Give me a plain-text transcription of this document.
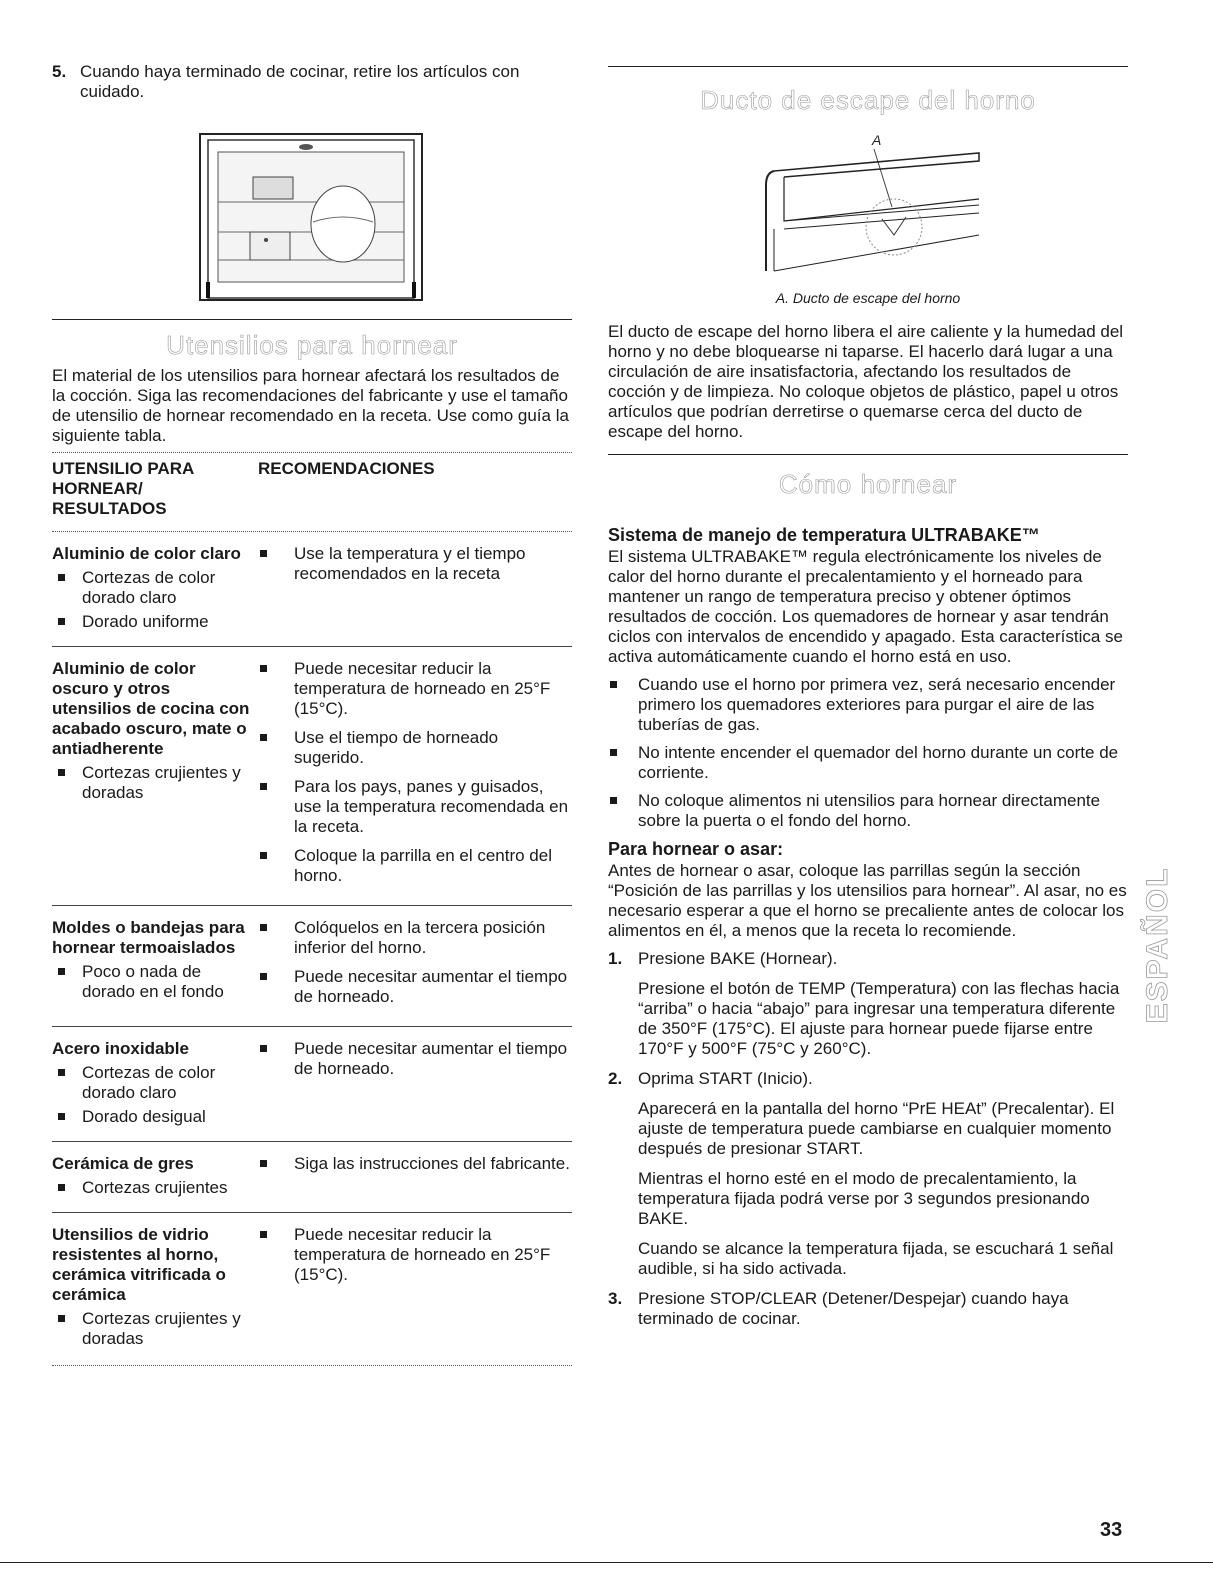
5. Cuando haya terminado de cocinar, retire los artículos con cuidado.
Utensilios para hornear

El material de los utensilios para hornear afectará los resultados de la cocción. Siga las recomendaciones del fabricante y use el tamaño de utensilio de hornear recomendado en la receta. Use como guía la siguiente tabla.

UTENSILIO PARA HORNEAR/ RESULTADOS
RECOMENDACIONES
Aluminio de color claro
Cortezas de color dorado claro
Dorado uniforme
Use la temperatura y el tiempo recomendados en la receta
Aluminio de color oscuro y otros utensilios de cocina con acabado oscuro, mate o antiadherente
Cortezas crujientes y doradas
Puede necesitar reducir la temperatura de horneado en 25°F (15°C).
Use el tiempo de horneado sugerido.
Para los pays, panes y guisados, use la temperatura recomendada en la receta.
Coloque la parrilla en el centro del horno.
Moldes o bandejas para hornear termoaislados
Poco o nada de dorado en el fondo
Colóquelos en la tercera posición inferior del horno.
Puede necesitar aumentar el tiempo de horneado.
Acero inoxidable
Cortezas de color dorado claro
Dorado desigual
Puede necesitar aumentar el tiempo de horneado.
Cerámica de gres
Cortezas crujientes
Siga las instrucciones del fabricante.
Utensilios de vidrio resistentes al horno, cerámica vitrificada o cerámica
Cortezas crujientes y doradas
Puede necesitar reducir la temperatura de horneado en 25°F (15°C).
Ducto de escape del horno
A
A. Ducto de escape del horno

El ducto de escape del horno libera el aire caliente y la humedad del horno y no debe bloquearse ni taparse. El hacerlo dará lugar a una circulación de aire insatisfactoria, afectando los resultados de cocción y de limpieza. No coloque objetos de plástico, papel u otros artículos que podrían derretirse o quemarse cerca del ducto de escape del horno.

Cómo hornear
Sistema de manejo de temperatura ULTRABAKE™

El sistema ULTRABAKE™ regula electrónicamente los niveles de calor del horno durante el precalentamiento y el horneado para mantener un rango de temperatura preciso y obtener óptimos resultados de cocción. Los quemadores de hornear y asar tendrán ciclos con intervalos de encendido y apagado. Esta característica se activa automáticamente cuando el horno está en uso.

Cuando use el horno por primera vez, será necesario encender primero los quemadores exteriores para purgar el aire de las tuberías de gas.
No intente encender el quemador del horno durante un corte de corriente.
No coloque alimentos ni utensilios para hornear directamente sobre la puerta o el fondo del horno.
Para hornear o asar:

Antes de hornear o asar, coloque las parrillas según la sección “Posición de las parrillas y los utensilios para hornear”. Al asar, no es necesario esperar a que el horno se precaliente antes de colocar los alimentos en él, a menos que la receta lo recomiende.

1. Presione BAKE (Hornear).

Presione el botón de TEMP (Temperatura) con las flechas hacia “arriba” o hacia “abajo” para ingresar una temperatura diferente de 350°F (175°C). El ajuste para hornear puede fijarse entre 170°F y 500°F (75°C y 260°C).

2. Oprima START (Inicio).

Aparecerá en la pantalla del horno “PrE HEAt” (Precalentar). El ajuste de temperatura puede cambiarse en cualquier momento después de presionar START.

Mientras el horno esté en el modo de precalentamiento, la temperatura fijada podrá verse por 3 segundos presionando BAKE.

Cuando se alcance la temperatura fijada, se escuchará 1 señal audible, si ha sido activada.

3. Presione STOP/CLEAR (Detener/Despejar) cuando haya terminado de cocinar.

ESPAÑOL
33
